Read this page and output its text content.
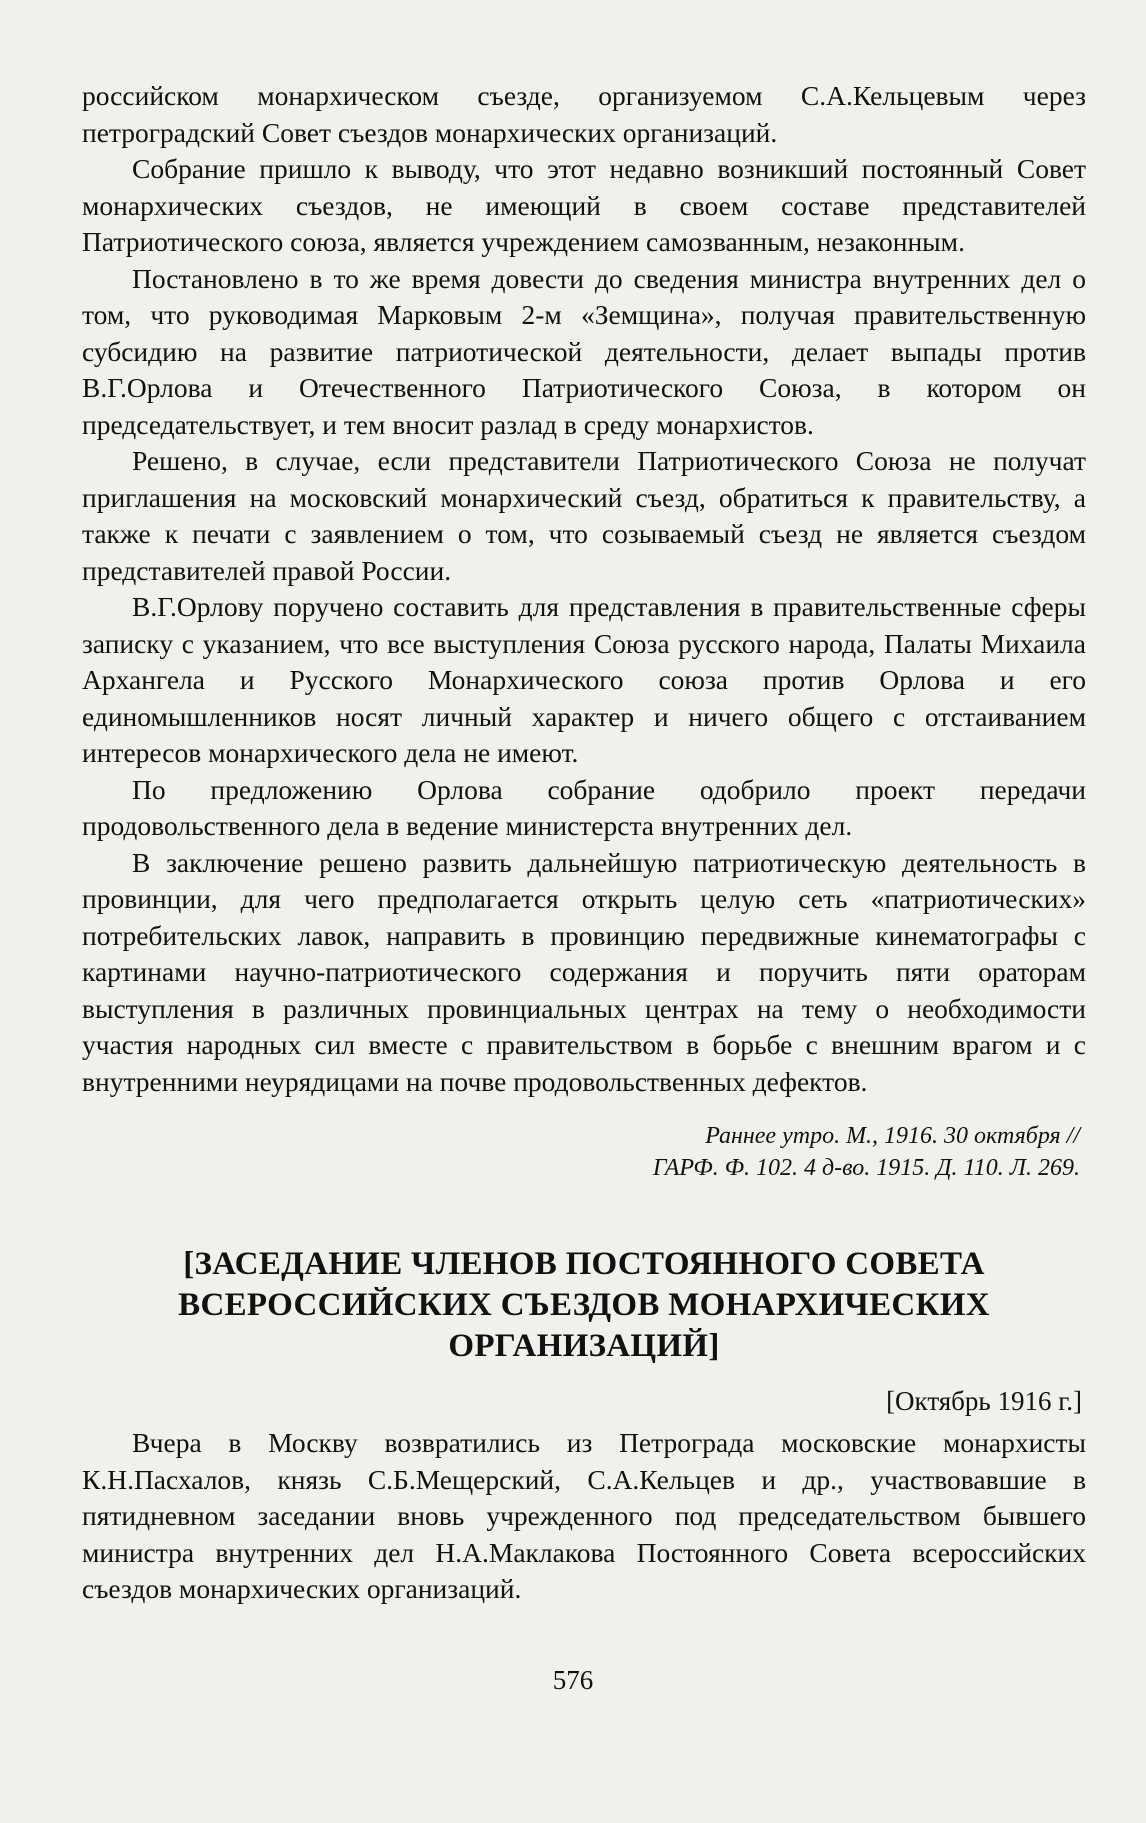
российском монархическом съезде, организуемом С.А.Кельцевым через петроградский Совет съездов монархических организаций.

Собрание пришло к выводу, что этот недавно возникший постоянный Совет монархических съездов, не имеющий в своем составе представителей Патриотического союза, является учреждением самозванным, незаконным.

Постановлено в то же время довести до сведения министра внутренних дел о том, что руководимая Марковым 2-м «Земщина», получая правительственную субсидию на развитие патриотической деятельности, делает выпады против В.Г.Орлова и Отечественного Патриотического Союза, в котором он председательствует, и тем вносит разлад в среду монархистов.

Решено, в случае, если представители Патриотического Союза не получат приглашения на московский монархический съезд, обратиться к правительству, а также к печати с заявлением о том, что созываемый съезд не является съездом представителей правой России.

В.Г.Орлову поручено составить для представления в правительственные сферы записку с указанием, что все выступления Союза русского народа, Палаты Михаила Архангела и Русского Монархического союза против Орлова и его единомышленников носят личный характер и ничего общего с отстаиванием интересов монархического дела не имеют.

По предложению Орлова собрание одобрило проект передачи продовольственного дела в ведение министерста внутренних дел.

В заключение решено развить дальнейшую патриотическую деятельность в провинции, для чего предполагается открыть целую сеть «патриотических» потребительских лавок, направить в провинцию передвижные кинематографы с картинами научно-патриотического содержания и поручить пяти ораторам выступления в различных провинциальных центрах на тему о необходимости участия народных сил вместе с правительством в борьбе с внешним врагом и с внутренними неурядицами на почве продовольственных дефектов.

Раннее утро. М., 1916. 30 октября //
ГАРФ. Ф. 102. 4 д-во. 1915. Д. 110. Л. 269.
[ЗАСЕДАНИЕ ЧЛЕНОВ ПОСТОЯННОГО СОВЕТА
ВСЕРОССИЙСКИХ СЪЕЗДОВ МОНАРХИЧЕСКИХ
ОРГАНИЗАЦИЙ]
[Октябрь 1916 г.]

Вчера в Москву возвратились из Петрограда московские монархисты К.Н.Пасхалов, князь С.Б.Мещерский, С.А.Кельцев и др., участвовавшие в пятидневном заседании вновь учрежденного под председательством бывшего министра внутренних дел Н.А.Маклакова Постоянного Совета всероссийских съездов монархических организаций.

576
